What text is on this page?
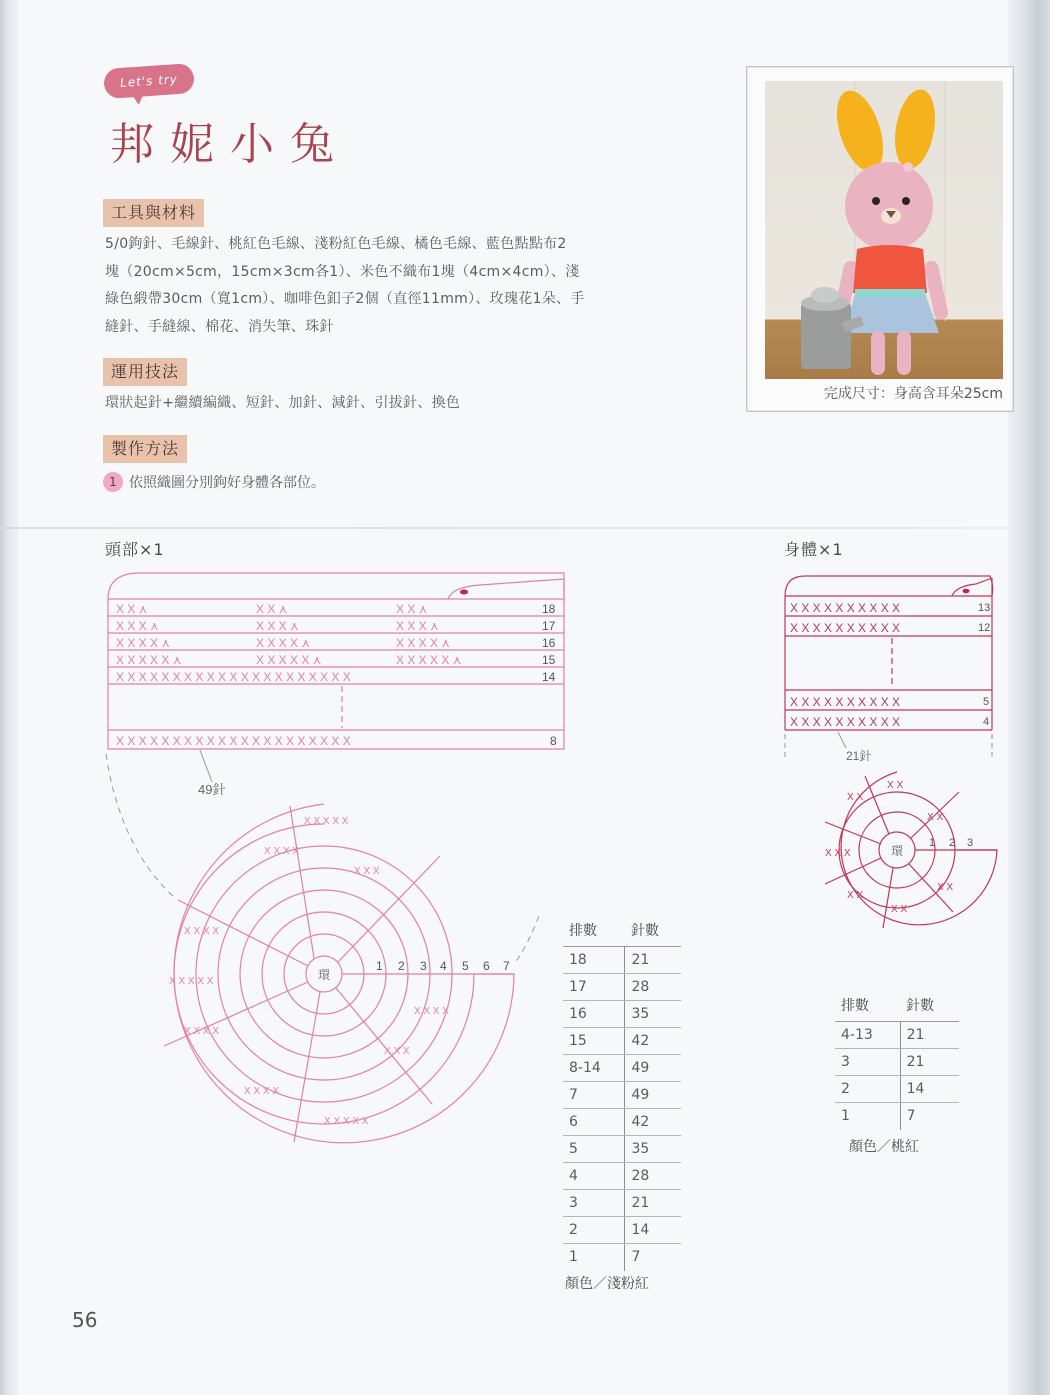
Let's try
邦妮小兔
工具與材料
5/0鉤針、毛線針、桃紅色毛線、淺粉紅色毛線、橘色毛線、藍色點點布2
塊（20cm×5cm，15cm×3cm各1）、米色不織布1塊（4cm×4cm）、淺
綠色緞帶30cm（寬1cm）、咖啡色釦子2個（直徑11mm）、玫瑰花1朵、手
縫針、手縫線、棉花、消失筆、珠針
運用技法
環狀起針+繼續編織、短針、加針、減針、引拔針、換色
製作方法
1 依照織圖分別鉤好身體各部位。
完成尺寸：身高含耳朵25cm
頭部×1
X X ⋏	X X ⋏	X X ⋏
X X X ⋏	X X X ⋏	X X X ⋏
X X X X ⋏	X X X X ⋏	X X X X ⋏
X X X X X ⋏	X X X X X ⋏	X X X X X ⋏
X X X X X X X X X X X X X X X X X X X X X
X X X X X X X X X X X X X X X X X X X X X
18
17
16
15
14
8
49針
X X X X
X X X X X
X X X
X X X X
X X X X X
X X X X
X X X X
X X X X X
X X X
X X X X
環
1 2 3 4 5 6 7
排數	針數
18	21
17	28
16	35
15	42
8-14	49
7	49
6	42
5	35
4	28
3	21
2	14
1	7
顏色／淺粉紅
身體×1
X X X X X X X X X X
X X X X X X X X X X
X X X X X X X X X X
X X X X X X X X X X
13
12
5
4
21針
X X
X X
X X
X X X
X X
X X
X X
環
1 2 3
排數	針數
4-13	21
3	21
2	14
1	7
顏色／桃紅
56
